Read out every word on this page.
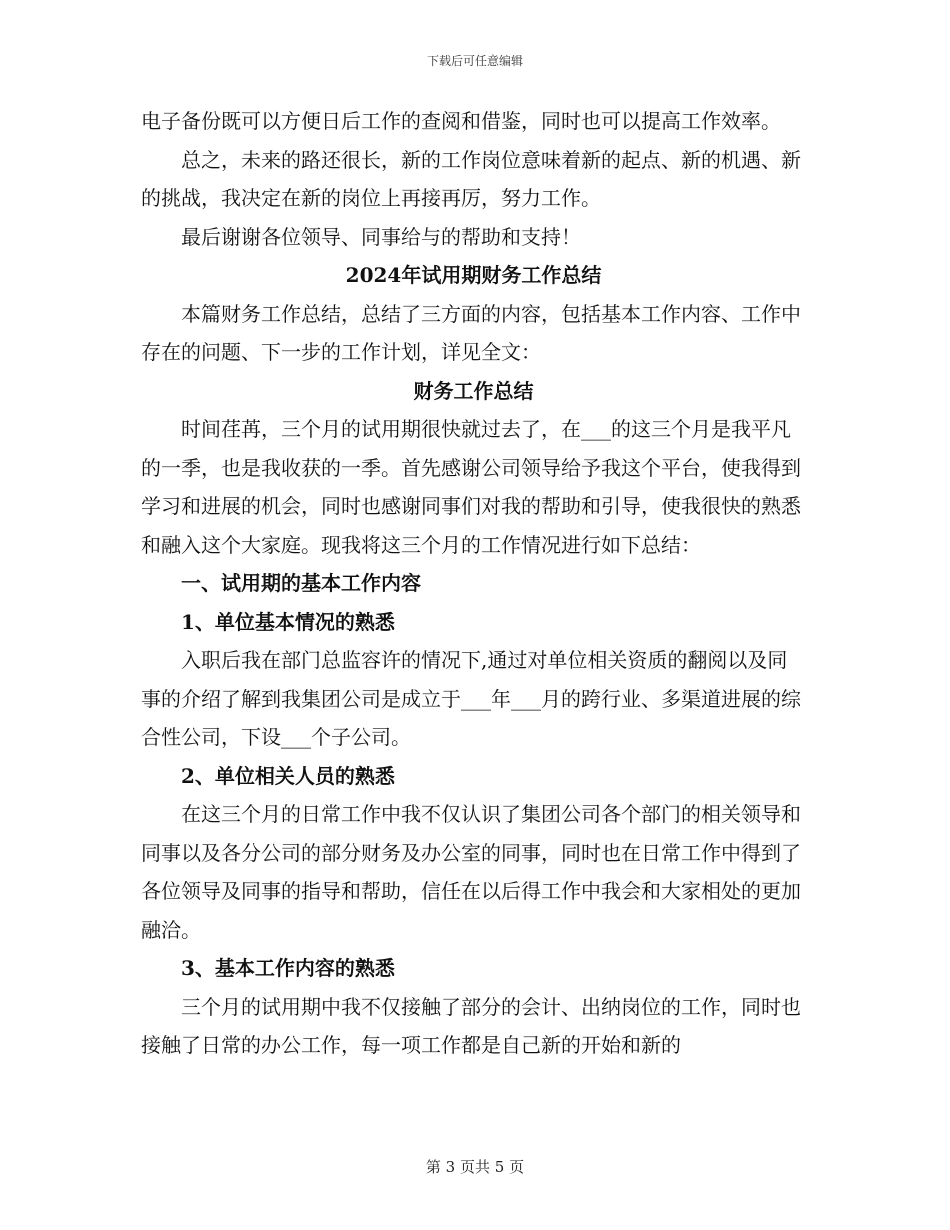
下载后可任意编辑

电子备份既可以方便日后工作的查阅和借鉴，同时也可以提高工作效率。

总之，未来的路还很长，新的工作岗位意味着新的起点、新的机遇、新的挑战，我决定在新的岗位上再接再厉，努力工作。

最后谢谢各位领导、同事给与的帮助和支持！

2024年试用期财务工作总结

本篇财务工作总结，总结了三方面的内容，包括基本工作内容、工作中存在的问题、下一步的工作计划，详见全文：

财务工作总结

时间荏苒，三个月的试用期很快就过去了，在___的这三个月是我平凡的一季，也是我收获的一季。首先感谢公司领导给予我这个平台，使我得到学习和进展的机会，同时也感谢同事们对我的帮助和引导，使我很快的熟悉和融入这个大家庭。现我将这三个月的工作情况进行如下总结：

一、试用期的基本工作内容

1、单位基本情况的熟悉

入职后我在部门总监容许的情况下,通过对单位相关资质的翻阅以及同事的介绍了解到我集团公司是成立于___年___月的跨行业、多渠道进展的综合性公司，下设___个子公司。

2、单位相关人员的熟悉

在这三个月的日常工作中我不仅认识了集团公司各个部门的相关领导和同事以及各分公司的部分财务及办公室的同事，同时也在日常工作中得到了各位领导及同事的指导和帮助，信任在以后得工作中我会和大家相处的更加融洽。

3、基本工作内容的熟悉

三个月的试用期中我不仅接触了部分的会计、出纳岗位的工作，同时也接触了日常的办公工作，每一项工作都是自己新的开始和新的

第 3 页共 5 页
